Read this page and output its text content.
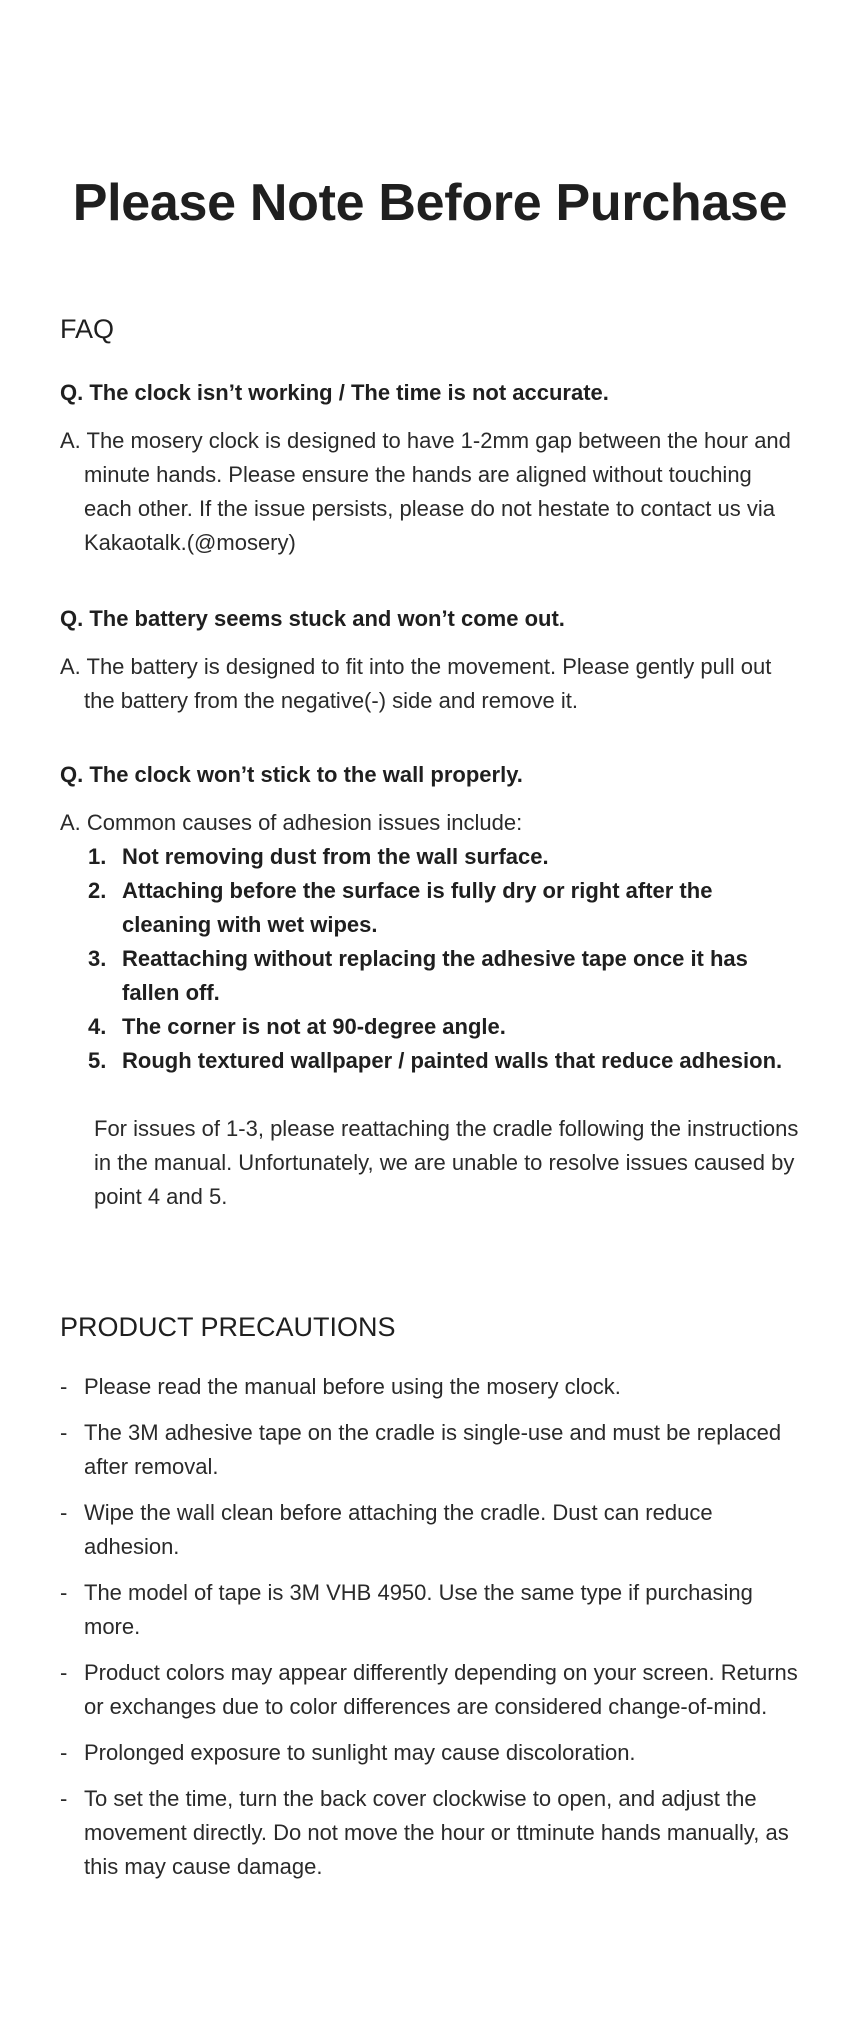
Please Note Before Purchase
FAQ

Q. The clock isn’t working / The time is not accurate.

A. The mosery clock is designed to have 1-2mm gap between the hour and minute hands. Please ensure the hands are aligned without touching each other. If the issue persists, please do not hestate to contact us via Kakaotalk.(@mosery)

Q. The battery seems stuck and won’t come out.

A. The battery is designed to fit into the movement. Please gently pull out the battery from the negative(-) side and remove it.

Q. The clock won’t stick to the wall properly.

A. Common causes of adhesion issues include:

1. Not removing dust from the wall surface.
2. Attaching before the surface is fully dry or right after the cleaning with wet wipes.
3. Reattaching without replacing the adhesive tape once it has fallen off.
4. The corner is not at 90-degree angle.
5. Rough textured wallpaper / painted walls that reduce adhesion.

For issues of 1-3, please reattaching the cradle following the instructions in the manual. Unfortunately, we are unable to resolve issues caused by point 4 and 5.

PRODUCT PRECAUTIONS
- Please read the manual before using the mosery clock.
- The 3M adhesive tape on the cradle is single-use and must be replaced after removal.
- Wipe the wall clean before attaching the cradle. Dust can reduce adhesion.
- The model of tape is 3M VHB 4950. Use the same type if purchasing more.
- Product colors may appear differently depending on your screen. Returns or exchanges due to color differences are considered change-of-mind.
- Prolonged exposure to sunlight may cause discoloration.
- To set the time, turn the back cover clockwise to open, and adjust the movement directly. Do not move the hour or ttminute hands manually, as this may cause damage.
